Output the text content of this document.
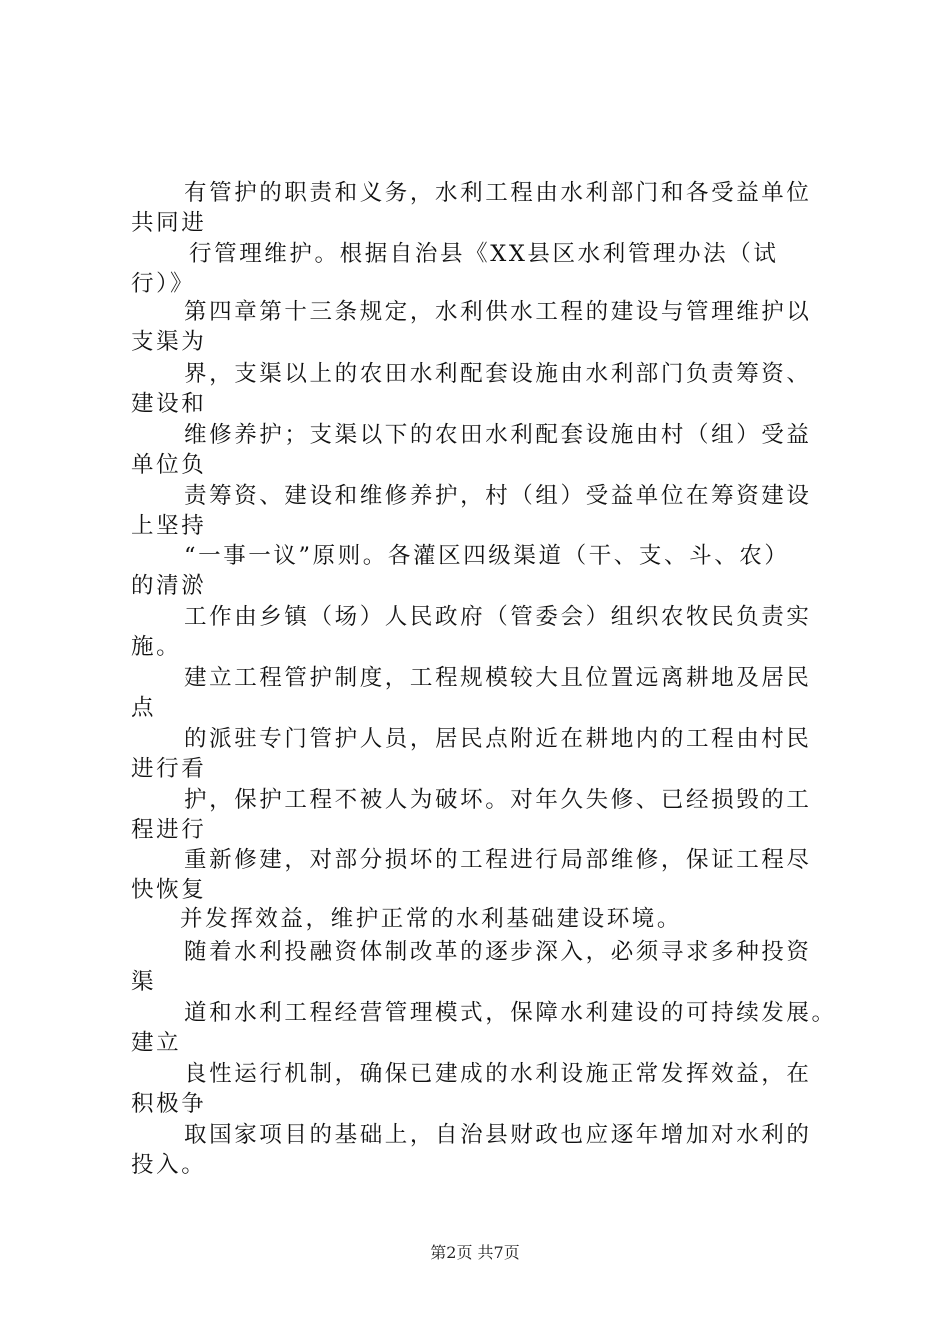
有管护的职责和义务，水利工程由水利部门和各受益单位
共同进
行管理维护。根据自治县《XX县区水利管理办法（试
行）》
第四章第十三条规定，水利供水工程的建设与管理维护以
支渠为
界，支渠以上的农田水利配套设施由水利部门负责筹资、
建设和
维修养护；支渠以下的农田水利配套设施由村（组）受益
单位负
责筹资、建设和维修养护，村（组）受益单位在筹资建设
上坚持
“一事一议”原则。各灌区四级渠道（干、支、斗、农）
的清淤
工作由乡镇（场）人民政府（管委会）组织农牧民负责实
施。
建立工程管护制度，工程规模较大且位置远离耕地及居民
点
的派驻专门管护人员，居民点附近在耕地内的工程由村民
进行看
护，保护工程不被人为破坏。对年久失修、已经损毁的工
程进行
重新修建，对部分损坏的工程进行局部维修，保证工程尽
快恢复
并发挥效益，维护正常的水利基础建设环境。
随着水利投融资体制改革的逐步深入，必须寻求多种投资
渠
道和水利工程经营管理模式，保障水利建设的可持续发展。
建立
良性运行机制，确保已建成的水利设施正常发挥效益，在
积极争
取国家项目的基础上，自治县财政也应逐年增加对水利的
投入。
第2页 共7页
